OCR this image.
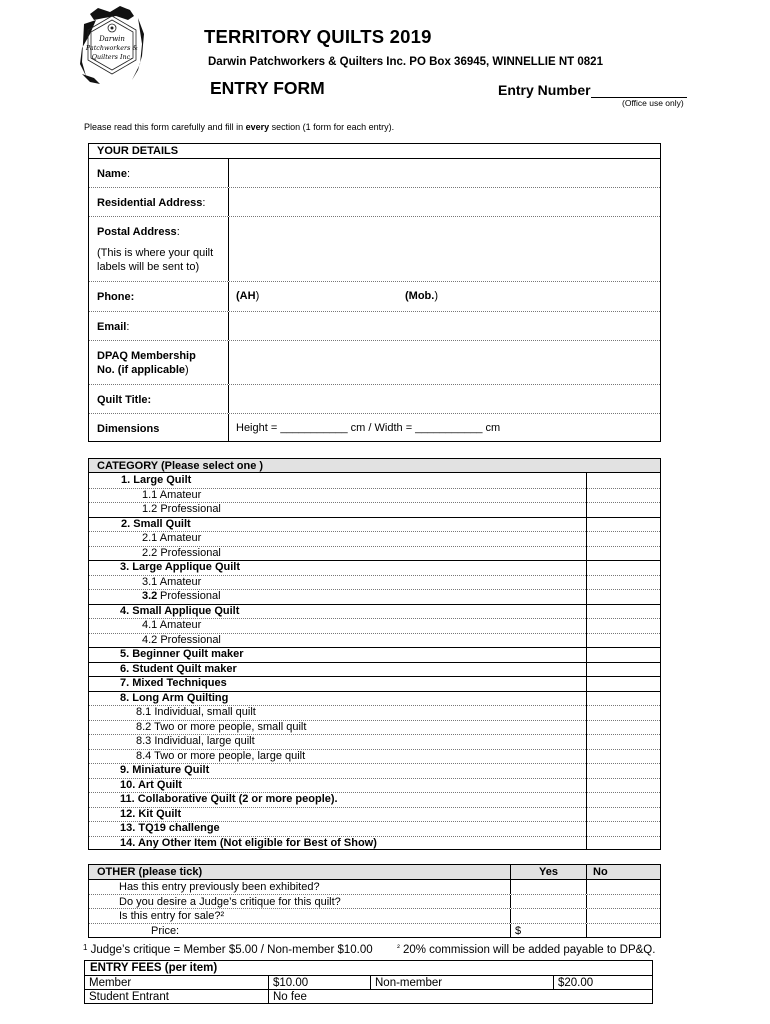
Darwin
Patchworkers &
Quilters Inc.
TERRITORY QUILTS 2019
Darwin Patchworkers & Quilters Inc. PO Box 36945, WINNELLIE NT 0821
ENTRY FORM	Entry Number
(Office use only)
Please read this form carefully and fill in every section (1 form for each entry).
YOUR DETAILS
Name:
Residential Address:
Postal Address:
(This is where your quilt labels will be sent to)
Phone:	(AH)	(Mob.)
Email:
DPAQ Membership
No. (if applicable)
Quilt Title:
Dimensions	Height = ___________ cm / Width = ___________ cm
CATEGORY (Please select one )
1. Large Quilt
1.1 Amateur
1.2 Professional
2. Small Quilt
2.1 Amateur
2.2 Professional
3. Large Applique Quilt
3.1 Amateur
3.2 Professional
4. Small Applique Quilt
4.1 Amateur
4.2 Professional
5. Beginner Quilt maker
6. Student Quilt maker
7. Mixed Techniques
8. Long Arm Quilting
8.1 Individual, small quilt
8.2 Two or more people, small quilt
8.3 Individual, large quilt
8.4 Two or more people, large quilt
9. Miniature Quilt
10. Art Quilt
11. Collaborative Quilt (2 or more people).
12. Kit Quilt
13. TQ19 challenge
14. Any Other Item (Not eligible for Best of Show)
OTHER (please tick)	Yes	No
Has this entry previously been exhibited?
Do you desire a Judge’s critique for this quilt?
Is this entry for sale?²
Price:	$
$^1$ Judge’s critique = Member $5.00 / Non-member $10.00	$^{^2}$ 20% commission will be added payable to DP&Q.
ENTRY FEES (per item)
Member	$10.00	Non-member	$20.00
Student Entrant	No fee
